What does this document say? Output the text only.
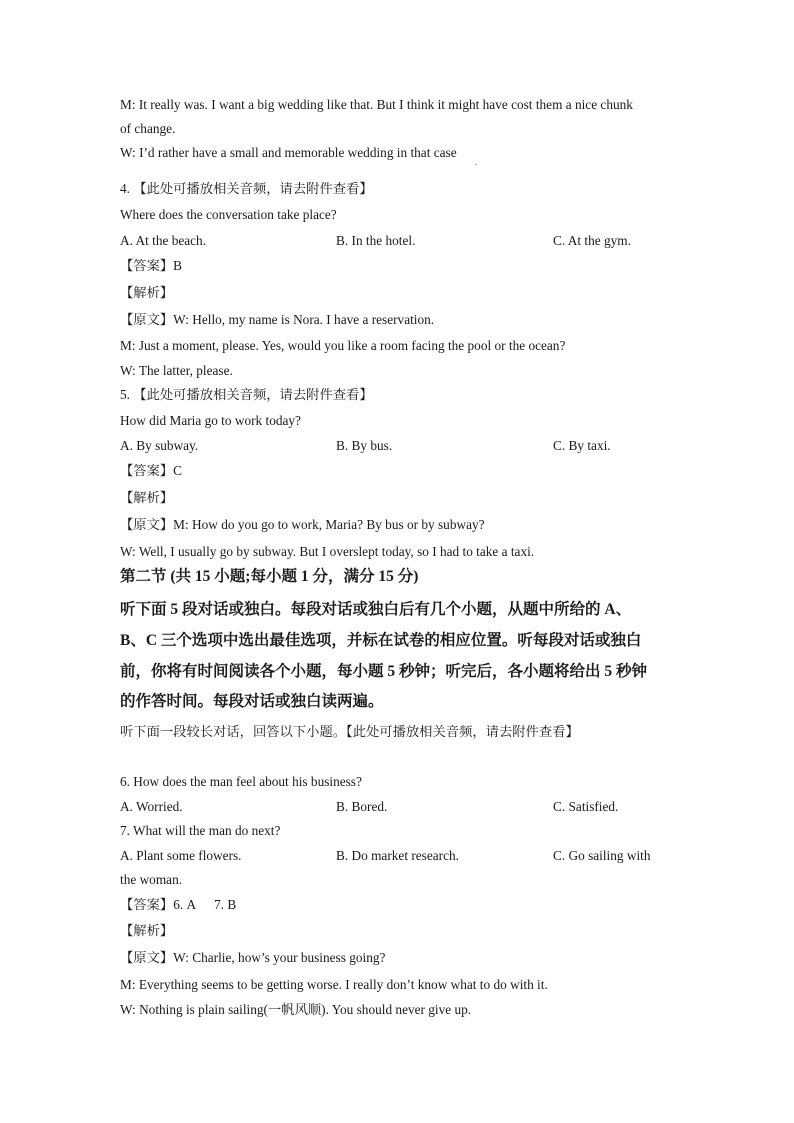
M: It really was. I want a big wedding like that. But I think it might have cost them a nice chunk
of change.
W: I’d rather have a small and memorable wedding in that case
.
4. 【此处可播放相关音频，请去附件查看】
Where does the conversation take place?
A. At the beach.	B. In the hotel.	C. At the gym.
【答案】B
【解析】
【原文】W: Hello, my name is Nora. I have a reservation.
M: Just a moment, please. Yes, would you like a room facing the pool or the ocean?
W: The latter, please.
5. 【此处可播放相关音频，请去附件查看】
How did Maria go to work today?
A. By subway.	B. By bus.	C. By taxi.
【答案】C
【解析】
【原文】M: How do you go to work, Maria? By bus or by subway?
W: Well, I usually go by subway. But I overslept today, so I had to take a taxi.
第二节 (共 15 小题;每小题 1 分，满分 15 分)
听下面 5 段对话或独白。每段对话或独白后有几个小题，从题中所给的 A、
B、C 三个选项中选出最佳选项，并标在试卷的相应位置。听每段对话或独白
前，你将有时间阅读各个小题，每小题 5 秒钟；听完后，各小题将给出 5 秒钟
的作答时间。每段对话或独白读两遍。
听下面一段较长对话，回答以下小题。【此处可播放相关音频，请去附件查看】
6. How does the man feel about his business?
A. Worried.	B. Bored.	C. Satisfied.
7. What will the man do next?
A. Plant some flowers.	B. Do market research.	C. Go sailing with
the woman.
【答案】6. A 7. B
【解析】
【原文】W: Charlie, how’s your business going?
M: Everything seems to be getting worse. I really don’t know what to do with it.
W: Nothing is plain sailing(一帆风顺). You should never give up.
